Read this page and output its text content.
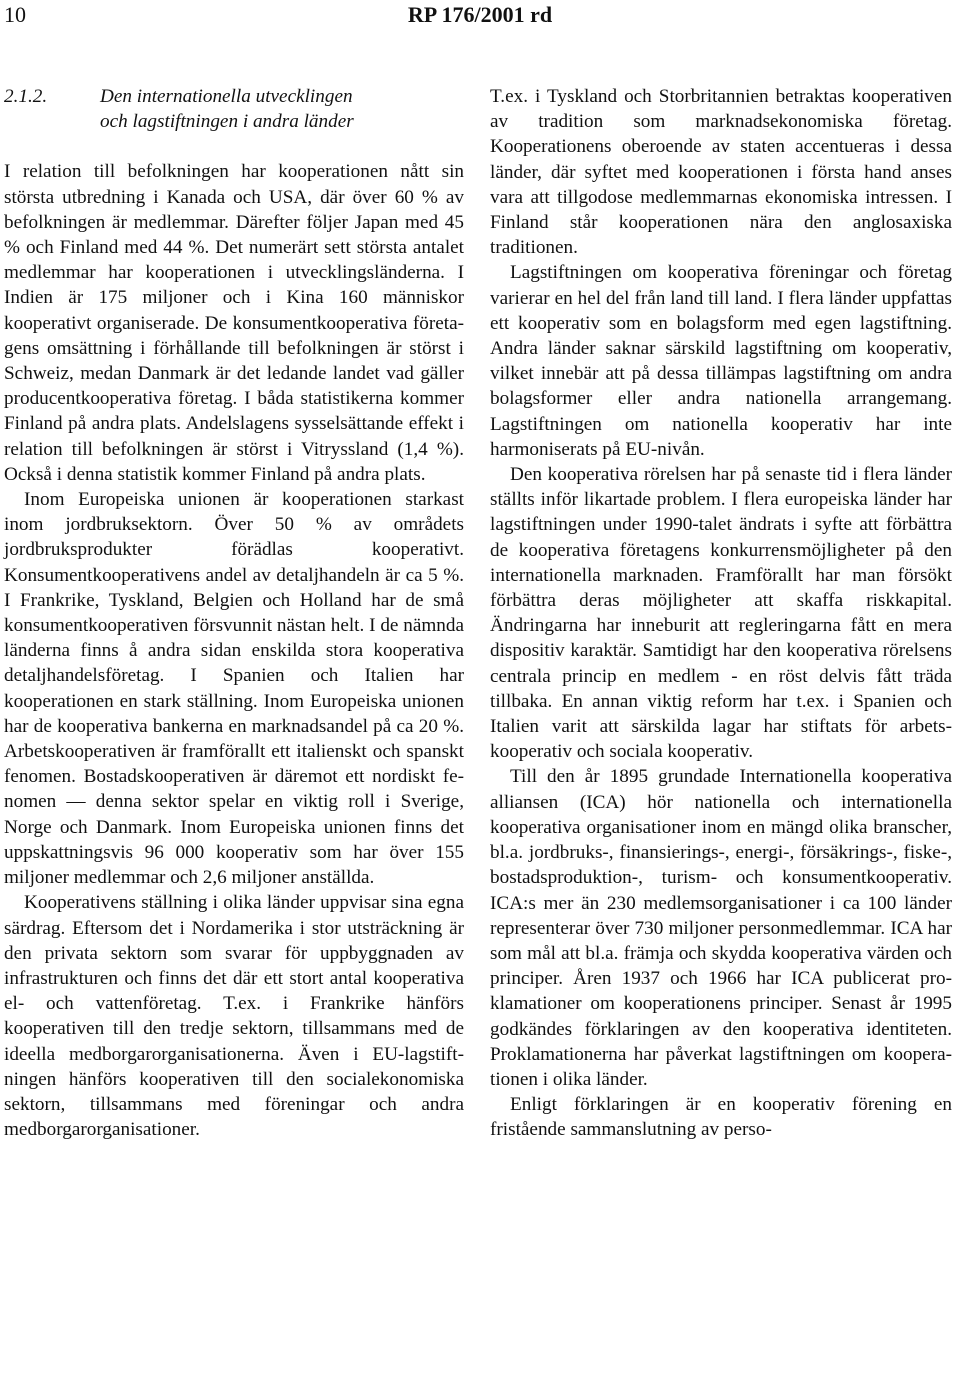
10	RP 176/2001 rd
2.1.2.	Den internationella utvecklingen
och lagstiftningen i andra länder

I relation till befolkningen har kooperationen nått sin största utbredning i Kanada och USA, där över 60 % av befolkningen är medlemmar. Därefter följer Japan med 45 % och Finland med 44 %. Det numerärt sett största antalet medlemmar har kooperationen i utvecklingsländerna. I Indien är 175 miljoner och i Kina 160 människor kooperativt organiserade. De konsumentkooperativa företagens omsättning i förhållande till befolkningen är störst i Schweiz, medan Danmark är det ledande landet vad gäller producentkooperativa företag. I båda statistikerna kommer Finland på andra plats. Andelslagens sysselsättande effekt i relation till befolkningen är störst i Vitryssland (1,4 %). Också i denna statistik kommer Finland på andra plats.

Inom Europeiska unionen är kooperationen starkast inom jordbruksektorn. Över 50 % av områdets jordbruksprodukter förädlas kooperativt. Konsumentkooperativens andel av detaljhandeln är ca 5 %. I Frankrike, Tyskland, Belgien och Holland har de små konsumentkooperativen försvunnit nästan helt. I de nämnda länderna finns å andra sidan enskilda stora kooperativa detaljhandelsföretag. I Spanien och Italien har kooperationen en stark ställning. Inom Europeiska unionen har de kooperativa bankerna en marknadsandel på ca 20 %. Arbetskooperativen är framförallt ett italienskt och spanskt fenomen. Bostadskooperativen är däremot ett nordiskt fenomen — denna sektor spelar en viktig roll i Sverige, Norge och Danmark. Inom Europeiska unionen finns det uppskattningsvis 96 000 kooperativ som har över 155 miljoner medlemmar och 2,6 miljoner anställda.

Kooperativens ställning i olika länder uppvisar sina egna särdrag. Eftersom det i Nordamerika i stor utsträckning är den privata sektorn som svarar för uppbyggnaden av infrastrukturen och finns det där ett stort antal kooperativa el- och vattenföretag. T.ex. i Frankrike hänförs kooperativen till den tredje sektorn, tillsammans med de ideella medborgarorganisationerna. Även i EU-lagstiftningen hänförs kooperativen till den socialekonomiska sektorn, tillsammans med föreningar och andra medborgarorganisationer.

T.ex. i Tyskland och Storbritannien betraktas kooperativen av tradition som marknadsekonomiska företag. Kooperationens oberoende av staten accentueras i dessa länder, där syftet med kooperationen i första hand anses vara att tillgodose medlemmarnas ekonomiska intressen. I Finland står kooperationen nära den anglosaxiska traditionen.

Lagstiftningen om kooperativa föreningar och företag varierar en hel del från land till land. I flera länder uppfattas ett kooperativ som en bolagsform med egen lagstiftning. Andra länder saknar särskild lagstiftning om kooperativ, vilket innebär att på dessa tillämpas lagstiftning om andra bolagsformer eller andra nationella arrangemang. Lagstiftningen om nationella kooperativ har inte harmoniserats på EU-nivån.

Den kooperativa rörelsen har på senaste tid i flera länder ställts inför likartade problem. I flera europeiska länder har lagstiftningen under 1990-talet ändrats i syfte att förbättra de kooperativa företagens konkurrensmöjligheter på den internationella marknaden. Framförallt har man försökt förbättra deras möjligheter att skaffa riskkapital. Ändringarna har inneburit att regleringarna fått en mera dispositiv karaktär. Samtidigt har den kooperativa rörelsens centrala princip en medlem - en röst delvis fått träda tillbaka. En annan viktig reform har t.ex. i Spanien och Italien varit att särskilda lagar har stiftats för arbetskooperativ och sociala kooperativ.

Till den år 1895 grundade Internationella kooperativa alliansen (ICA) hör nationella och internationella kooperativa organisationer inom en mängd olika branscher, bl.a. jordbruks-, finansierings-, energi-, försäkrings-, fiske-, bostadsproduktion-, turism- och konsumentkooperativ. ICA:s mer än 230 medlemsorganisationer i ca 100 länder representerar över 730 miljoner personmedlemmar. ICA har som mål att bl.a. främja och skydda kooperativa värden och principer. Åren 1937 och 1966 har ICA publicerat proklamationer om kooperationens principer. Senast år 1995 godkändes förklaringen av den kooperativa identiteten. Proklamationerna har påverkat lagstiftningen om kooperationen i olika länder.

Enligt förklaringen är en kooperativ förening en fristående sammanslutning av perso-
